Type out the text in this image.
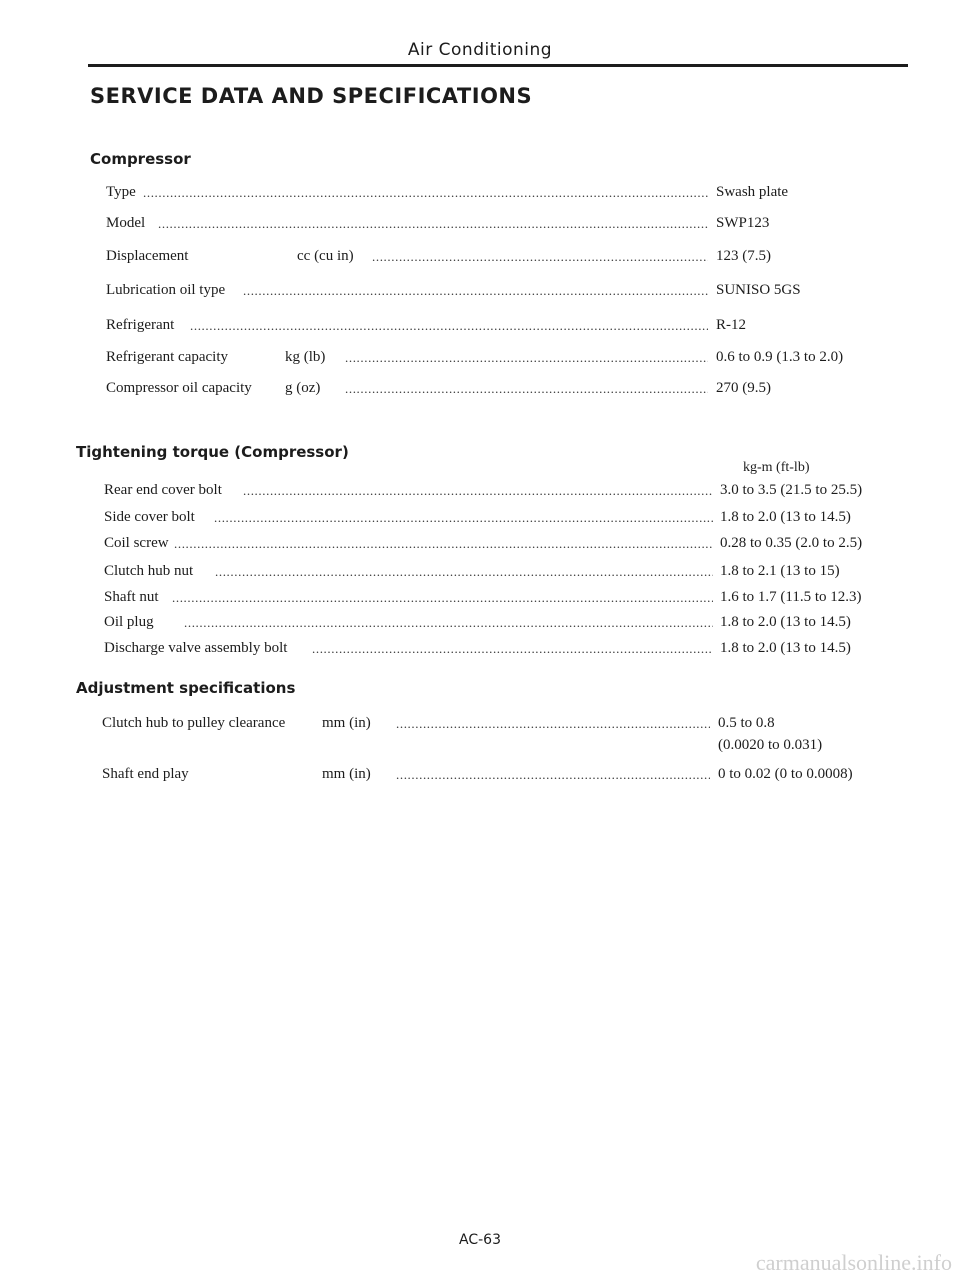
Air Conditioning
SERVICE DATA AND SPECIFICATIONS
Compressor
Type .....	Swash plate
Model .....	SWP123
Displacement	cc (cu in) .....	123 (7.5)
Lubrication oil type .....	SUNISO 5GS
Refrigerant .....	R-12
Refrigerant capacity	kg (lb) .....	0.6 to 0.9 (1.3 to 2.0)
Compressor oil capacity g (oz) .....	270 (9.5)
Tightening torque (Compressor)
kg-m (ft-lb)
Rear end cover bolt .....	3.0 to 3.5 (21.5 to 25.5)
Side cover bolt .....	1.8 to 2.0 (13 to 14.5)
Coil screw .....	0.28 to 0.35 (2.0 to 2.5)
Clutch hub nut .....	1.8 to 2.1 (13 to 15)
Shaft nut .....	1.6 to 1.7 (11.5 to 12.3)
Oil plug .....	1.8 to 2.0 (13 to 14.5)
Discharge valve assembly bolt .....	1.8 to 2.0 (13 to 14.5)
Adjustment specifications
Clutch hub to pulley clearance mm (in) .....	0.5 to 0.8
(0.0020 to 0.031)
Shaft end play	mm (in) .....	0 to 0.02 (0 to 0.0008)
AC-63
carmanualsonline.info
